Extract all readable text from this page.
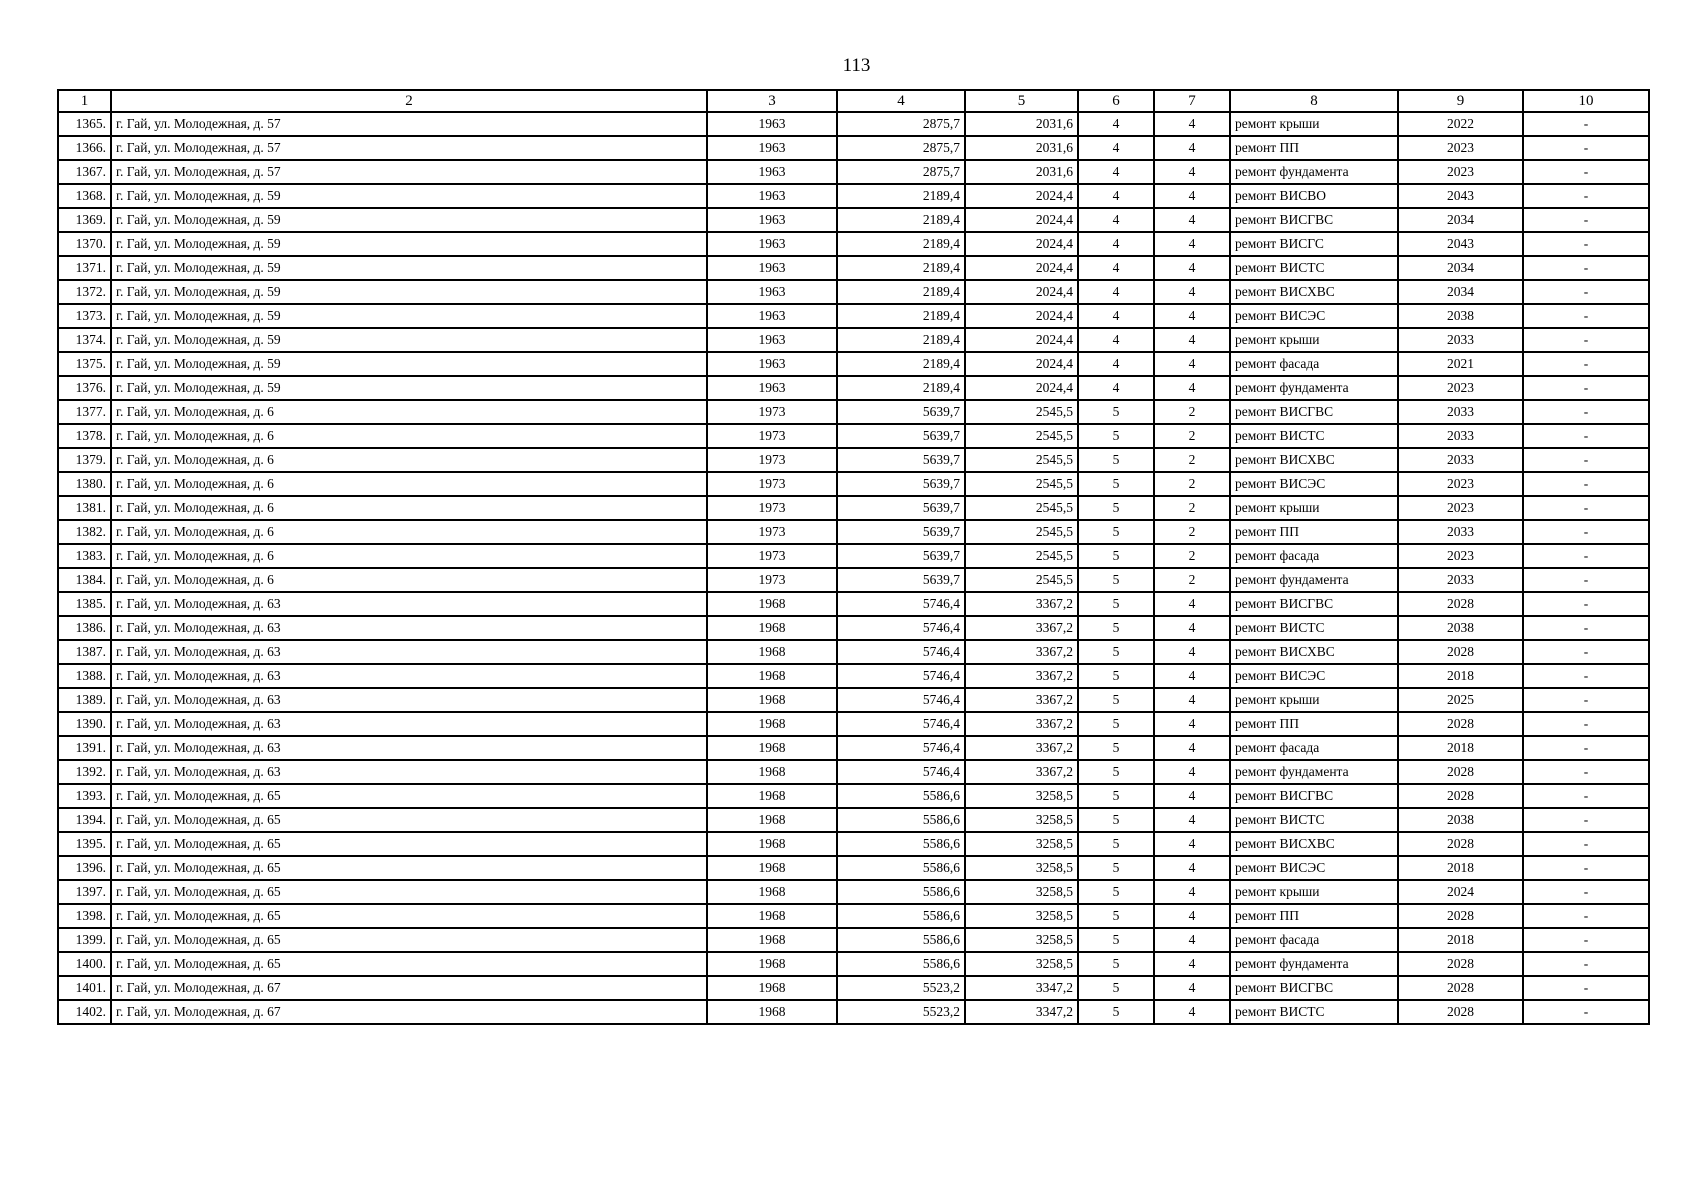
113
1	2	3	4	5	6	7	8	9	10
1365.	г. Гай, ул. Молодежная, д. 57	1963	2875,7	2031,6	4	4	ремонт крыши	2022	-
1366.	г. Гай, ул. Молодежная, д. 57	1963	2875,7	2031,6	4	4	ремонт ПП	2023	-
1367.	г. Гай, ул. Молодежная, д. 57	1963	2875,7	2031,6	4	4	ремонт фундамента	2023	-
1368.	г. Гай, ул. Молодежная, д. 59	1963	2189,4	2024,4	4	4	ремонт ВИСВО	2043	-
1369.	г. Гай, ул. Молодежная, д. 59	1963	2189,4	2024,4	4	4	ремонт ВИСГВС	2034	-
1370.	г. Гай, ул. Молодежная, д. 59	1963	2189,4	2024,4	4	4	ремонт ВИСГС	2043	-
1371.	г. Гай, ул. Молодежная, д. 59	1963	2189,4	2024,4	4	4	ремонт ВИСТС	2034	-
1372.	г. Гай, ул. Молодежная, д. 59	1963	2189,4	2024,4	4	4	ремонт ВИСХВС	2034	-
1373.	г. Гай, ул. Молодежная, д. 59	1963	2189,4	2024,4	4	4	ремонт ВИСЭС	2038	-
1374.	г. Гай, ул. Молодежная, д. 59	1963	2189,4	2024,4	4	4	ремонт крыши	2033	-
1375.	г. Гай, ул. Молодежная, д. 59	1963	2189,4	2024,4	4	4	ремонт фасада	2021	-
1376.	г. Гай, ул. Молодежная, д. 59	1963	2189,4	2024,4	4	4	ремонт фундамента	2023	-
1377.	г. Гай, ул. Молодежная, д. 6	1973	5639,7	2545,5	5	2	ремонт ВИСГВС	2033	-
1378.	г. Гай, ул. Молодежная, д. 6	1973	5639,7	2545,5	5	2	ремонт ВИСТС	2033	-
1379.	г. Гай, ул. Молодежная, д. 6	1973	5639,7	2545,5	5	2	ремонт ВИСХВС	2033	-
1380.	г. Гай, ул. Молодежная, д. 6	1973	5639,7	2545,5	5	2	ремонт ВИСЭС	2023	-
1381.	г. Гай, ул. Молодежная, д. 6	1973	5639,7	2545,5	5	2	ремонт крыши	2023	-
1382.	г. Гай, ул. Молодежная, д. 6	1973	5639,7	2545,5	5	2	ремонт ПП	2033	-
1383.	г. Гай, ул. Молодежная, д. 6	1973	5639,7	2545,5	5	2	ремонт фасада	2023	-
1384.	г. Гай, ул. Молодежная, д. 6	1973	5639,7	2545,5	5	2	ремонт фундамента	2033	-
1385.	г. Гай, ул. Молодежная, д. 63	1968	5746,4	3367,2	5	4	ремонт ВИСГВС	2028	-
1386.	г. Гай, ул. Молодежная, д. 63	1968	5746,4	3367,2	5	4	ремонт ВИСТС	2038	-
1387.	г. Гай, ул. Молодежная, д. 63	1968	5746,4	3367,2	5	4	ремонт ВИСХВС	2028	-
1388.	г. Гай, ул. Молодежная, д. 63	1968	5746,4	3367,2	5	4	ремонт ВИСЭС	2018	-
1389.	г. Гай, ул. Молодежная, д. 63	1968	5746,4	3367,2	5	4	ремонт крыши	2025	-
1390.	г. Гай, ул. Молодежная, д. 63	1968	5746,4	3367,2	5	4	ремонт ПП	2028	-
1391.	г. Гай, ул. Молодежная, д. 63	1968	5746,4	3367,2	5	4	ремонт фасада	2018	-
1392.	г. Гай, ул. Молодежная, д. 63	1968	5746,4	3367,2	5	4	ремонт фундамента	2028	-
1393.	г. Гай, ул. Молодежная, д. 65	1968	5586,6	3258,5	5	4	ремонт ВИСГВС	2028	-
1394.	г. Гай, ул. Молодежная, д. 65	1968	5586,6	3258,5	5	4	ремонт ВИСТС	2038	-
1395.	г. Гай, ул. Молодежная, д. 65	1968	5586,6	3258,5	5	4	ремонт ВИСХВС	2028	-
1396.	г. Гай, ул. Молодежная, д. 65	1968	5586,6	3258,5	5	4	ремонт ВИСЭС	2018	-
1397.	г. Гай, ул. Молодежная, д. 65	1968	5586,6	3258,5	5	4	ремонт крыши	2024	-
1398.	г. Гай, ул. Молодежная, д. 65	1968	5586,6	3258,5	5	4	ремонт ПП	2028	-
1399.	г. Гай, ул. Молодежная, д. 65	1968	5586,6	3258,5	5	4	ремонт фасада	2018	-
1400.	г. Гай, ул. Молодежная, д. 65	1968	5586,6	3258,5	5	4	ремонт фундамента	2028	-
1401.	г. Гай, ул. Молодежная, д. 67	1968	5523,2	3347,2	5	4	ремонт ВИСГВС	2028	-
1402.	г. Гай, ул. Молодежная, д. 67	1968	5523,2	3347,2	5	4	ремонт ВИСТС	2028	-
